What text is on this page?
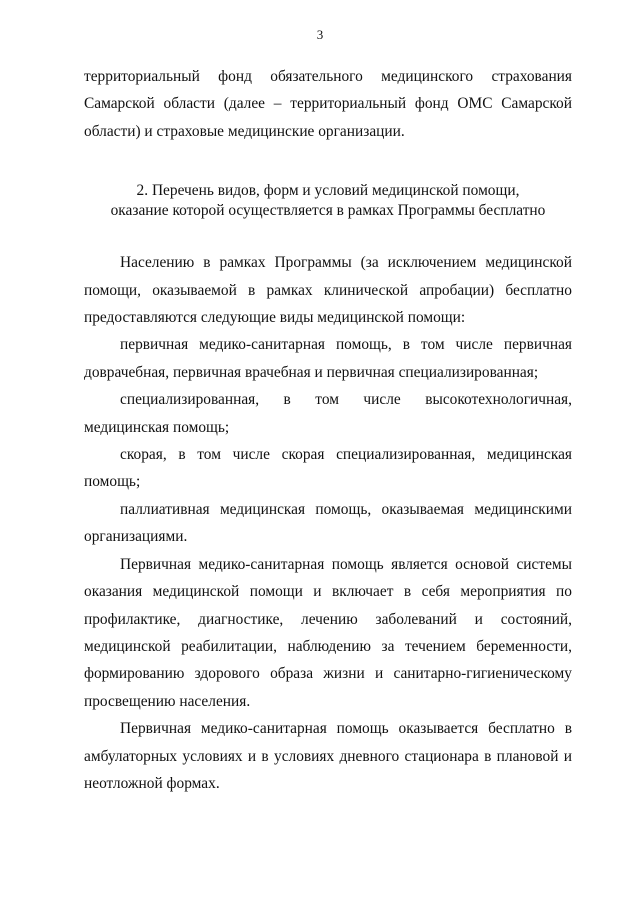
3

территориальный фонд обязательного медицинского страхования Самарской области (далее – территориальный фонд ОМС Самарской области) и страховые медицинские организации.

2. Перечень видов, форм и условий медицинской помощи,
оказание которой осуществляется в рамках Программы бесплатно

Населению в рамках Программы (за исключением медицинской помощи, оказываемой в рамках клинической апробации) бесплатно предоставляются следующие виды медицинской помощи:

первичная медико-санитарная помощь, в том числе первичная доврачебная, первичная врачебная и первичная специализированная;

специализированная, в том числе высокотехнологичная, медицинская помощь;

скорая, в том числе скорая специализированная, медицинская помощь;

паллиативная медицинская помощь, оказываемая медицинскими организациями.

Первичная медико-санитарная помощь является основой системы оказания медицинской помощи и включает в себя мероприятия по профилактике, диагностике, лечению заболеваний и состояний, медицинской реабилитации, наблюдению за течением беременности, формированию здорового образа жизни и санитарно-гигиеническому просвещению населения.

Первичная медико-санитарная помощь оказывается бесплатно в амбулаторных условиях и в условиях дневного стационара в плановой и неотложной формах.
